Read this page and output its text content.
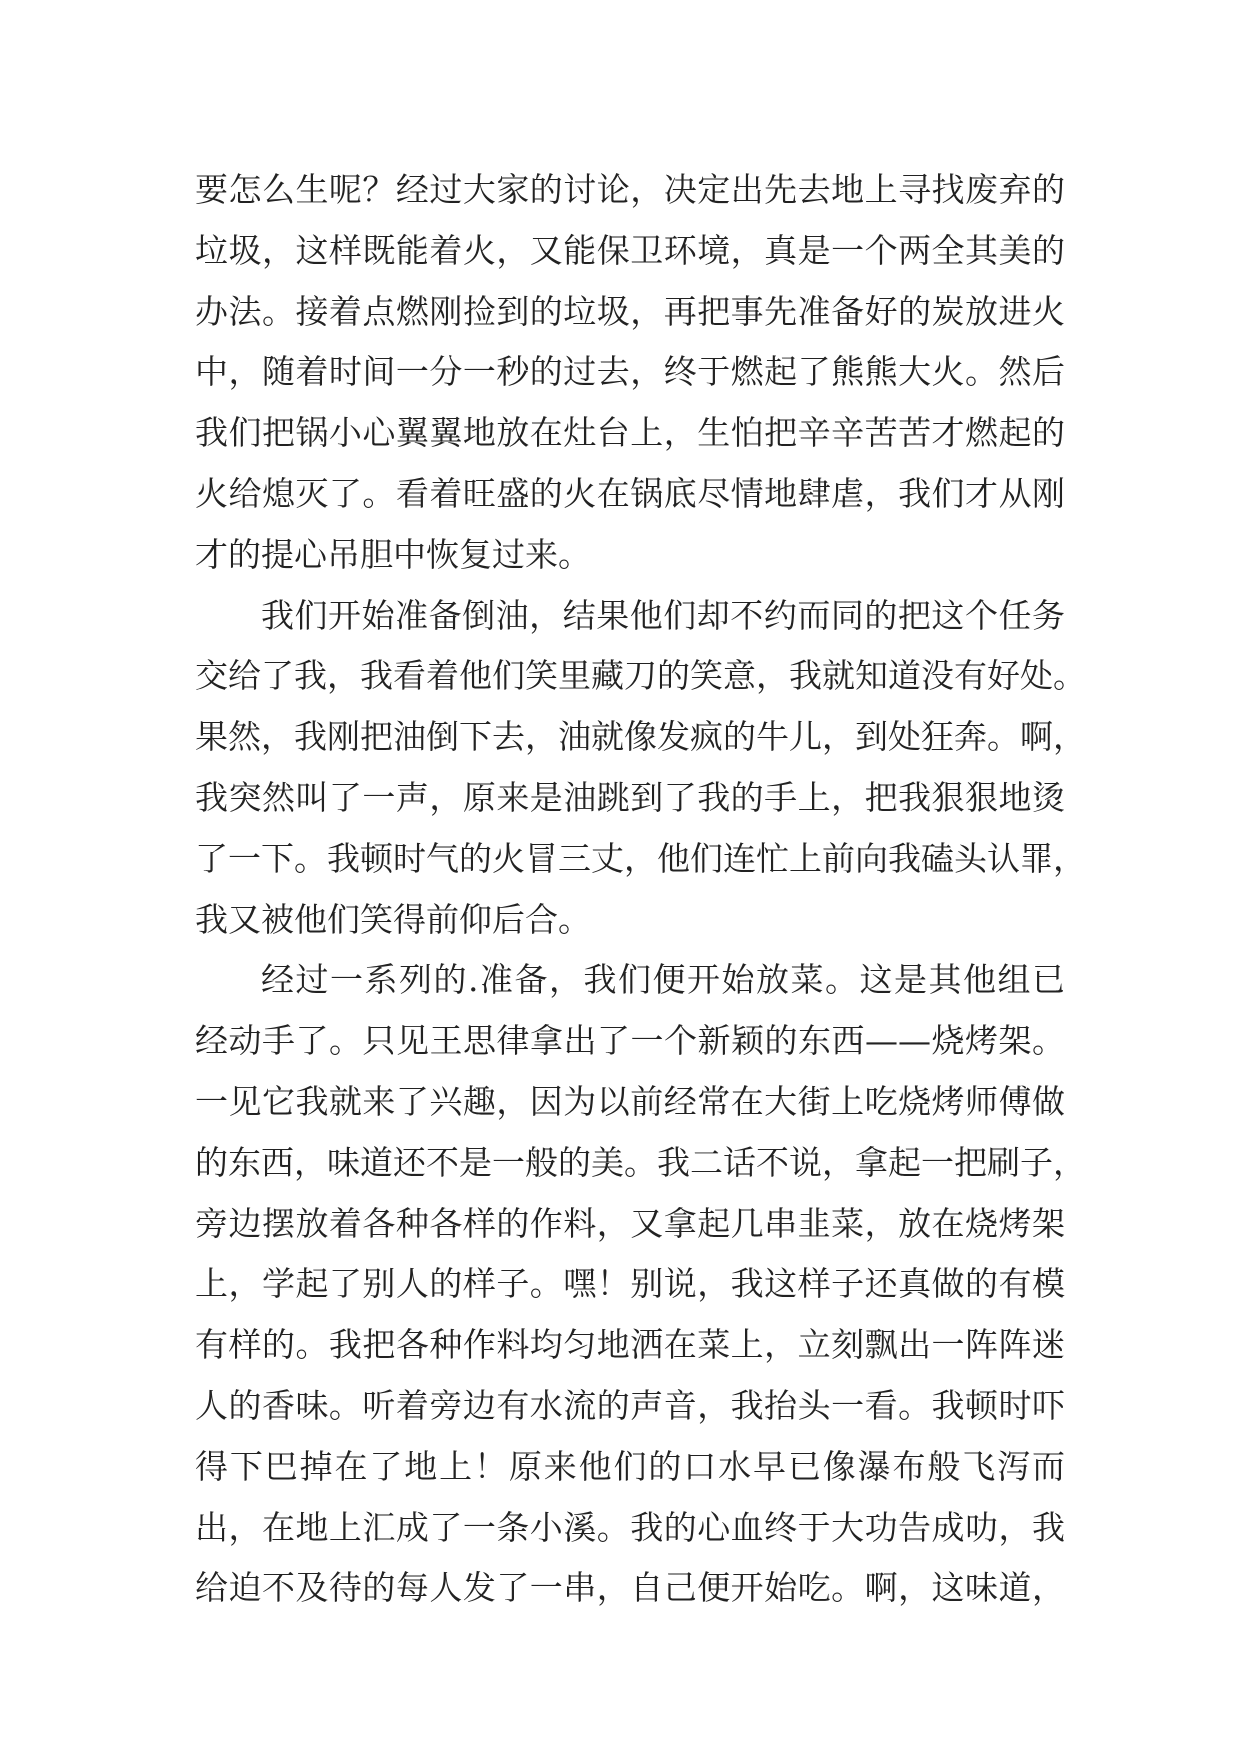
要怎么生呢？经过大家的讨论，决定出先去地上寻找废弃的
垃圾，这样既能着火，又能保卫环境，真是一个两全其美的
办法。接着点燃刚捡到的垃圾，再把事先准备好的炭放进火
中，随着时间一分一秒的过去，终于燃起了熊熊大火。然后
我们把锅小心翼翼地放在灶台上，生怕把辛辛苦苦才燃起的
火给熄灭了。看着旺盛的火在锅底尽情地肆虐，我们才从刚
才的提心吊胆中恢复过来。
我们开始准备倒油，结果他们却不约而同的把这个任务
交给了我，我看着他们笑里藏刀的笑意，我就知道没有好处。
果然，我刚把油倒下去，油就像发疯的牛儿，到处狂奔。啊，
我突然叫了一声，原来是油跳到了我的手上，把我狠狠地烫
了一下。我顿时气的火冒三丈，他们连忙上前向我磕头认罪，
我又被他们笑得前仰后合。
经过一系列的.准备，我们便开始放菜。这是其他组已
经动手了。只见王思律拿出了一个新颖的东西——烧烤架。
一见它我就来了兴趣，因为以前经常在大街上吃烧烤师傅做
的东西，味道还不是一般的美。我二话不说，拿起一把刷子，
旁边摆放着各种各样的作料，又拿起几串韭菜，放在烧烤架
上，学起了别人的样子。嘿！别说，我这样子还真做的有模
有样的。我把各种作料均匀地洒在菜上，立刻飘出一阵阵迷
人的香味。听着旁边有水流的声音，我抬头一看。我顿时吓
得下巴掉在了地上！原来他们的口水早已像瀑布般飞泻而
出，在地上汇成了一条小溪。我的心血终于大功告成叻，我
给迫不及待的每人发了一串，自己便开始吃。啊，这味道，
